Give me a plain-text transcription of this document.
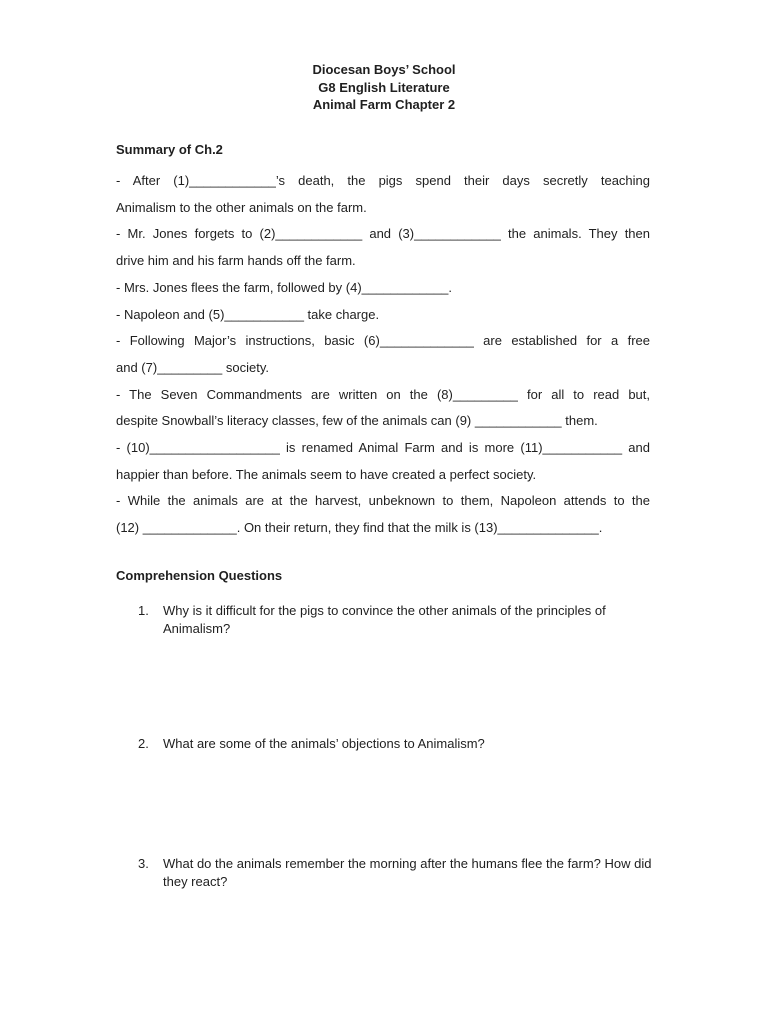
Diocesan Boys’ School
G8 English Literature
Animal Farm Chapter 2
Summary of Ch.2
- After (1)____________’s death, the pigs spend their days secretly teaching
Animalism to the other animals on the farm.
- Mr. Jones forgets to (2)____________ and (3)____________ the animals. They then
drive him and his farm hands off the farm.
- Mrs. Jones flees the farm, followed by (4)____________.
- Napoleon and (5)___________ take charge.
- Following Major’s instructions, basic (6)_____________ are established for a free
and (7)_________ society.
- The Seven Commandments are written on the (8)_________ for all to read but,
despite Snowball’s literacy classes, few of the animals can (9) ____________ them.
- (10)__________________ is renamed Animal Farm and is more (11)___________ and
happier than before. The animals seem to have created a perfect society.
- While the animals are at the harvest, unbeknown to them, Napoleon attends to the
(12) _____________. On their return, they find that the milk is (13)______________.
Comprehension Questions
1. Why is it difficult for the pigs to convince the other animals of the principles of Animalism?
2. What are some of the animals’ objections to Animalism?
3. What do the animals remember the morning after the humans flee the farm? How did they react?
